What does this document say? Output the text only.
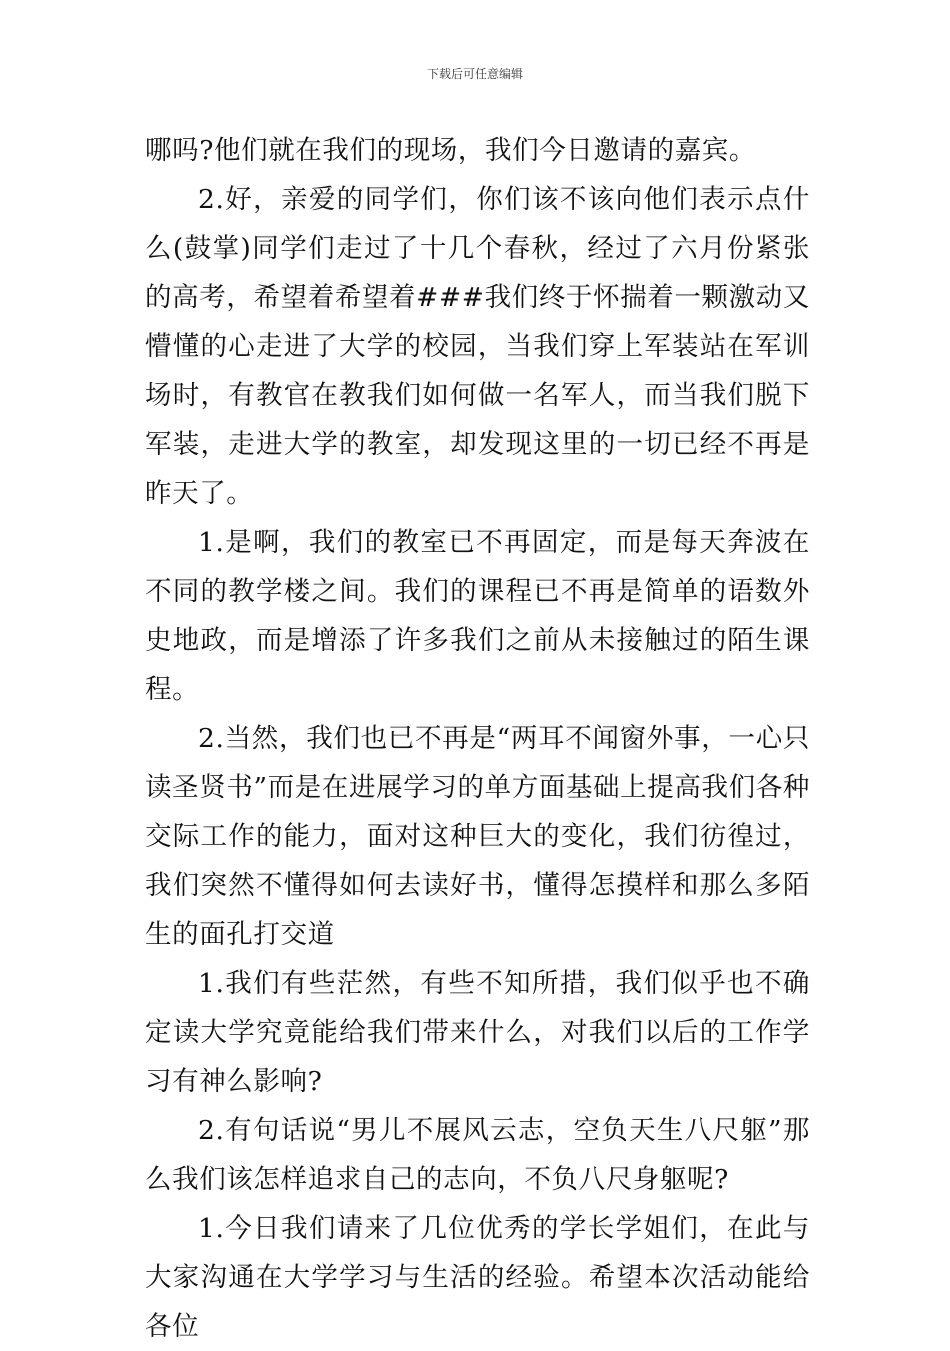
下载后可任意编辑

哪吗?他们就在我们的现场，我们今日邀请的嘉宾。

2.好，亲爱的同学们，你们该不该向他们表示点什么(鼓掌)同学们走过了十几个春秋，经过了六月份紧张的高考，希望着希望着###我们终于怀揣着一颗激动又懵懂的心走进了大学的校园，当我们穿上军装站在军训场时，有教官在教我们如何做一名军人，而当我们脱下军装，走进大学的教室，却发现这里的一切已经不再是昨天了。

1.是啊，我们的教室已不再固定，而是每天奔波在不同的教学楼之间。我们的课程已不再是简单的语数外史地政，而是增添了许多我们之前从未接触过的陌生课程。

2.当然，我们也已不再是“两耳不闻窗外事，一心只读圣贤书”而是在进展学习的单方面基础上提高我们各种交际工作的能力，面对这种巨大的变化，我们彷徨过，我们突然不懂得如何去读好书，懂得怎摸样和那么多陌生的面孔打交道

1.我们有些茫然，有些不知所措，我们似乎也不确定读大学究竟能给我们带来什么，对我们以后的工作学习有神么影响?

2.有句话说“男儿不展风云志，空负天生八尺躯”那么我们该怎样追求自己的志向，不负八尺身躯呢?

1.今日我们请来了几位优秀的学长学姐们，在此与大家沟通在大学学习与生活的经验。希望本次活动能给各位
